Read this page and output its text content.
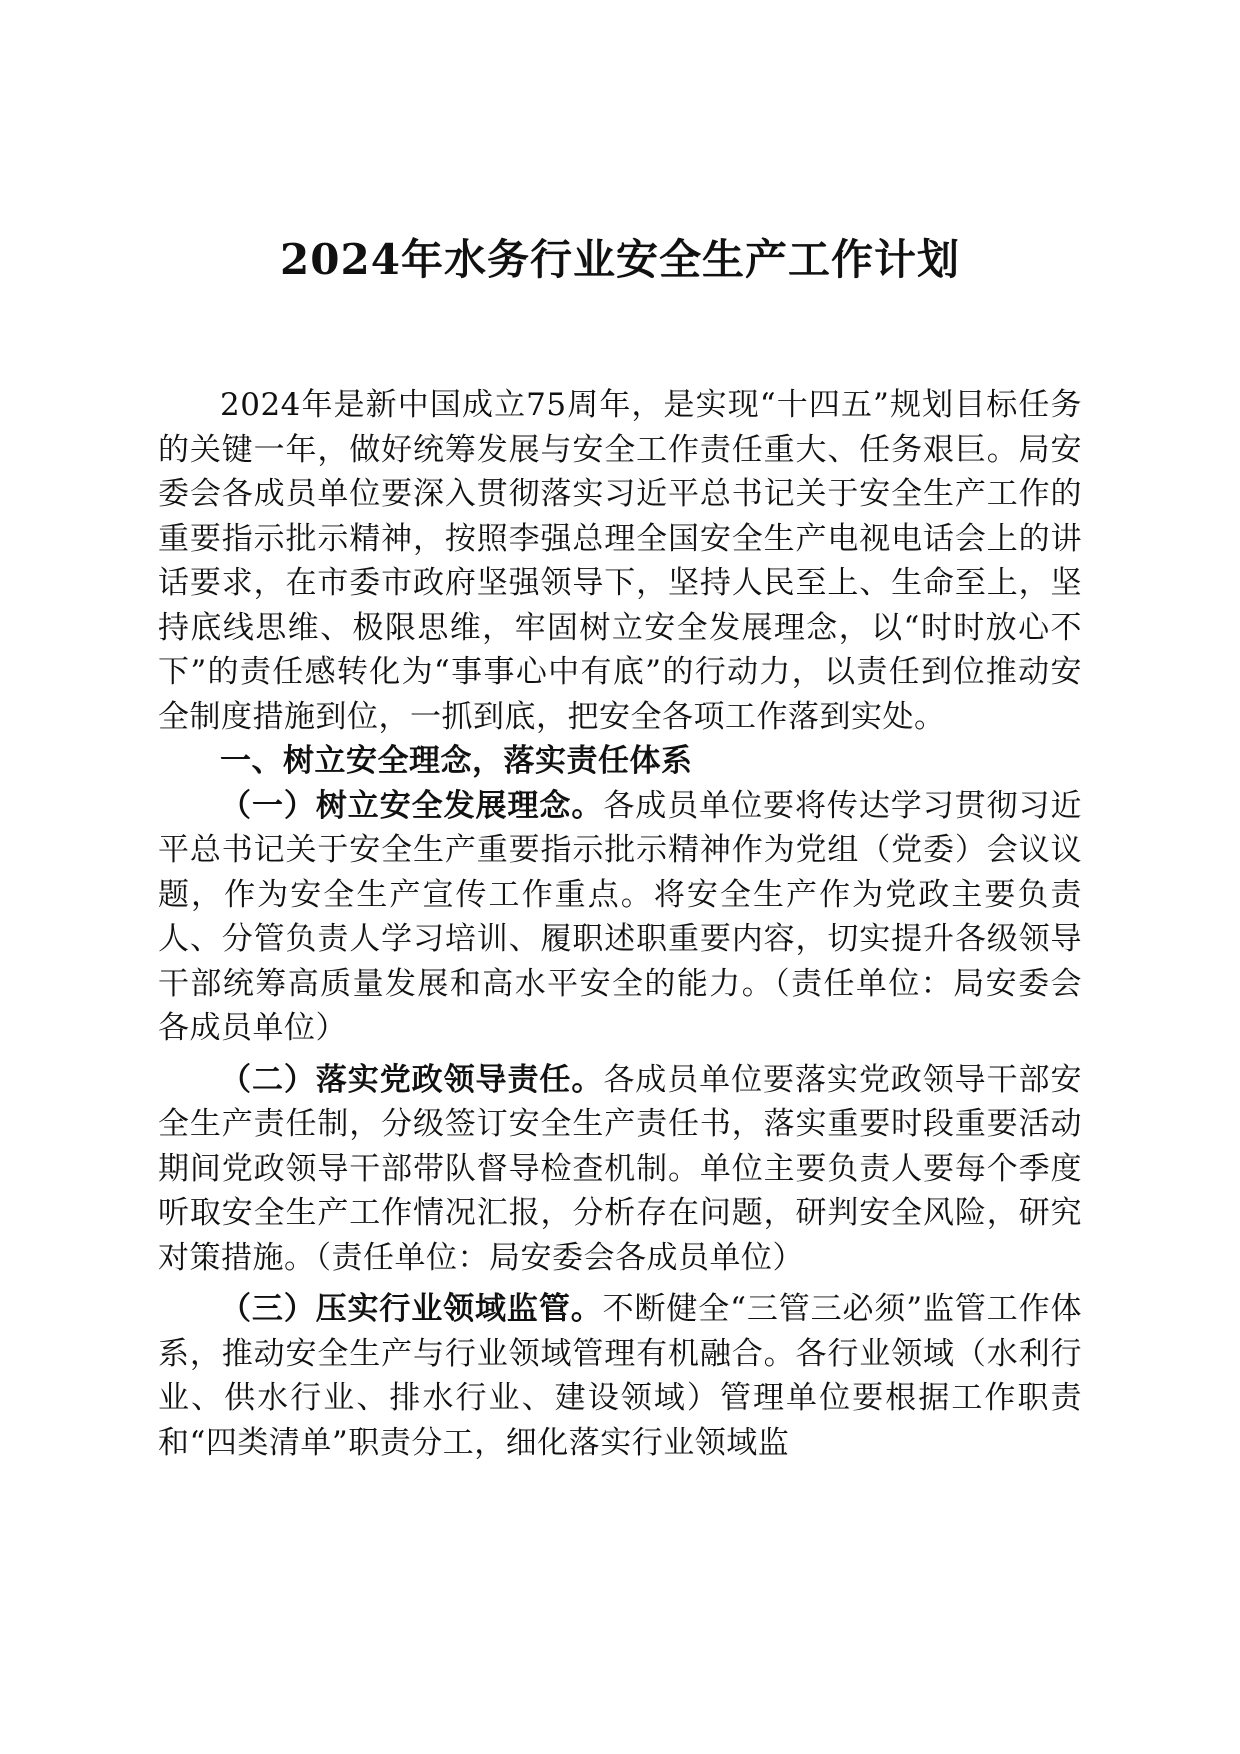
2024年水务行业安全生产工作计划

2024年是新中国成立75周年，是实现“十四五”规划目标任务的关键一年，做好统筹发展与安全工作责任重大、任务艰巨。局安委会各成员单位要深入贯彻落实习近平总书记关于安全生产工作的重要指示批示精神，按照李强总理全国安全生产电视电话会上的讲话要求，在市委市政府坚强领导下，坚持人民至上、生命至上，坚持底线思维、极限思维，牢固树立安全发展理念，以“时时放心不下”的责任感转化为“事事心中有底”的行动力，以责任到位推动安全制度措施到位，一抓到底，把安全各项工作落到实处。

一、树立安全理念，落实责任体系

（一）树立安全发展理念。各成员单位要将传达学习贯彻习近平总书记关于安全生产重要指示批示精神作为党组（党委）会议议题，作为安全生产宣传工作重点。将安全生产作为党政主要负责人、分管负责人学习培训、履职述职重要内容，切实提升各级领导干部统筹高质量发展和高水平安全的能力。（责任单位：局安委会各成员单位）

（二）落实党政领导责任。各成员单位要落实党政领导干部安全生产责任制，分级签订安全生产责任书，落实重要时段重要活动期间党政领导干部带队督导检查机制。单位主要负责人要每个季度听取安全生产工作情况汇报，分析存在问题，研判安全风险，研究对策措施。（责任单位：局安委会各成员单位）

（三）压实行业领域监管。不断健全“三管三必须”监管工作体系，推动安全生产与行业领域管理有机融合。各行业领域（水利行业、供水行业、排水行业、建设领域）管理单位要根据工作职责和“四类清单”职责分工，细化落实行业领域监
